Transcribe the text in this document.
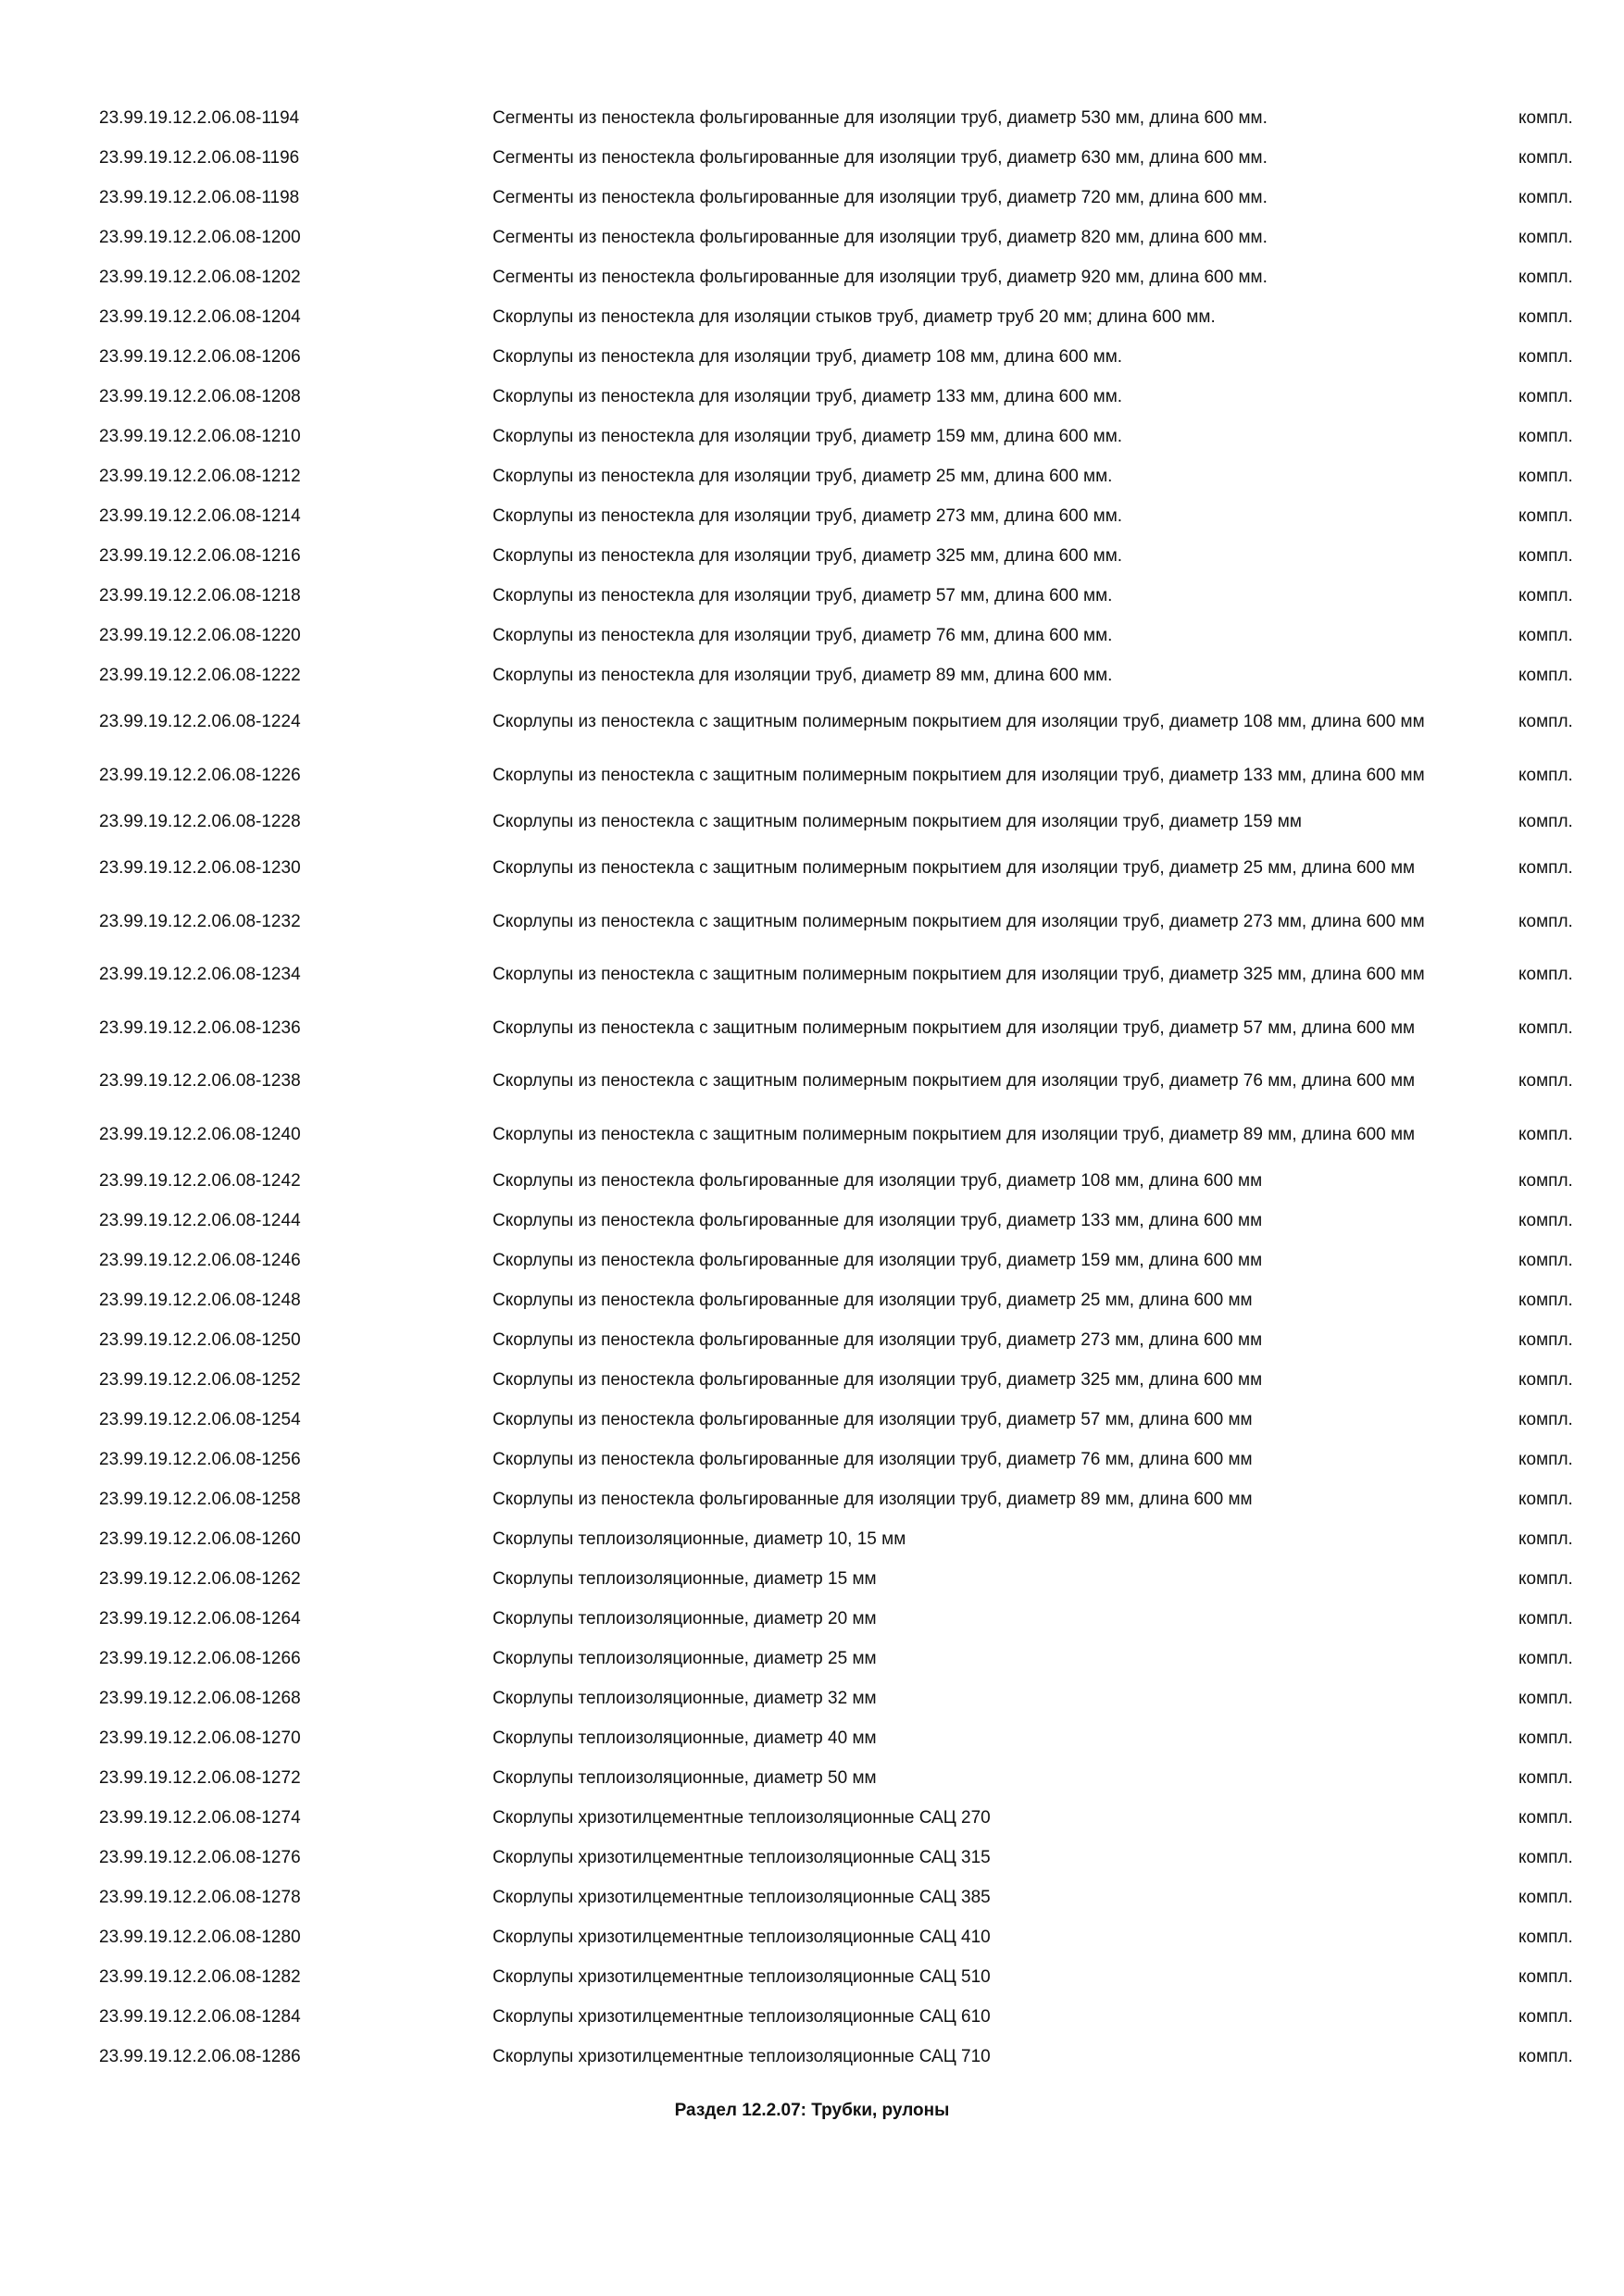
23.99.19.12.2.06.08-1194	Сегменты из пеностекла фольгированные для изоляции труб, диаметр 530 мм, длина 600 мм.	компл.
23.99.19.12.2.06.08-1196	Сегменты из пеностекла фольгированные для изоляции труб, диаметр 630 мм, длина 600 мм.	компл.
23.99.19.12.2.06.08-1198	Сегменты из пеностекла фольгированные для изоляции труб, диаметр 720 мм, длина 600 мм.	компл.
23.99.19.12.2.06.08-1200	Сегменты из пеностекла фольгированные для изоляции труб, диаметр 820 мм, длина 600 мм.	компл.
23.99.19.12.2.06.08-1202	Сегменты из пеностекла фольгированные для изоляции труб, диаметр 920 мм, длина 600 мм.	компл.
23.99.19.12.2.06.08-1204	Скорлупы из пеностекла для изоляции стыков труб, диаметр труб 20 мм; длина 600 мм.	компл.
23.99.19.12.2.06.08-1206	Скорлупы из пеностекла для изоляции труб, диаметр 108 мм, длина 600 мм.	компл.
23.99.19.12.2.06.08-1208	Скорлупы из пеностекла для изоляции труб, диаметр 133 мм, длина 600 мм.	компл.
23.99.19.12.2.06.08-1210	Скорлупы из пеностекла для изоляции труб, диаметр 159 мм, длина 600 мм.	компл.
23.99.19.12.2.06.08-1212	Скорлупы из пеностекла для изоляции труб, диаметр 25 мм, длина 600 мм.	компл.
23.99.19.12.2.06.08-1214	Скорлупы из пеностекла для изоляции труб, диаметр 273 мм, длина 600 мм.	компл.
23.99.19.12.2.06.08-1216	Скорлупы из пеностекла для изоляции труб, диаметр 325 мм, длина 600 мм.	компл.
23.99.19.12.2.06.08-1218	Скорлупы из пеностекла для изоляции труб, диаметр 57 мм, длина 600 мм.	компл.
23.99.19.12.2.06.08-1220	Скорлупы из пеностекла для изоляции труб, диаметр 76 мм, длина 600 мм.	компл.
23.99.19.12.2.06.08-1222	Скорлупы из пеностекла для изоляции труб, диаметр 89 мм, длина 600 мм.	компл.
23.99.19.12.2.06.08-1224	Скорлупы из пеностекла с защитным полимерным покрытием для изоляции труб, диаметр 108 мм, длина 600 мм	компл.
23.99.19.12.2.06.08-1226	Скорлупы из пеностекла с защитным полимерным покрытием для изоляции труб, диаметр 133 мм, длина 600 мм	компл.
23.99.19.12.2.06.08-1228	Скорлупы из пеностекла с защитным полимерным покрытием для изоляции труб, диаметр 159 мм	компл.
23.99.19.12.2.06.08-1230	Скорлупы из пеностекла с защитным полимерным покрытием для изоляции труб, диаметр 25 мм, длина 600 мм	компл.
23.99.19.12.2.06.08-1232	Скорлупы из пеностекла с защитным полимерным покрытием для изоляции труб, диаметр 273 мм, длина 600 мм	компл.
23.99.19.12.2.06.08-1234	Скорлупы из пеностекла с защитным полимерным покрытием для изоляции труб, диаметр 325 мм, длина 600 мм	компл.
23.99.19.12.2.06.08-1236	Скорлупы из пеностекла с защитным полимерным покрытием для изоляции труб, диаметр 57 мм, длина 600 мм	компл.
23.99.19.12.2.06.08-1238	Скорлупы из пеностекла с защитным полимерным покрытием для изоляции труб, диаметр 76 мм, длина 600 мм	компл.
23.99.19.12.2.06.08-1240	Скорлупы из пеностекла с защитным полимерным покрытием для изоляции труб, диаметр 89 мм, длина 600 мм	компл.
23.99.19.12.2.06.08-1242	Скорлупы из пеностекла фольгированные для изоляции труб, диаметр 108 мм, длина 600 мм	компл.
23.99.19.12.2.06.08-1244	Скорлупы из пеностекла фольгированные для изоляции труб, диаметр 133 мм, длина 600 мм	компл.
23.99.19.12.2.06.08-1246	Скорлупы из пеностекла фольгированные для изоляции труб, диаметр 159 мм, длина 600 мм	компл.
23.99.19.12.2.06.08-1248	Скорлупы из пеностекла фольгированные для изоляции труб, диаметр 25 мм, длина 600 мм	компл.
23.99.19.12.2.06.08-1250	Скорлупы из пеностекла фольгированные для изоляции труб, диаметр 273 мм, длина 600 мм	компл.
23.99.19.12.2.06.08-1252	Скорлупы из пеностекла фольгированные для изоляции труб, диаметр 325 мм, длина 600 мм	компл.
23.99.19.12.2.06.08-1254	Скорлупы из пеностекла фольгированные для изоляции труб, диаметр 57 мм, длина 600 мм	компл.
23.99.19.12.2.06.08-1256	Скорлупы из пеностекла фольгированные для изоляции труб, диаметр 76 мм, длина 600 мм	компл.
23.99.19.12.2.06.08-1258	Скорлупы из пеностекла фольгированные для изоляции труб, диаметр 89 мм, длина 600 мм	компл.
23.99.19.12.2.06.08-1260	Скорлупы теплоизоляционные, диаметр 10, 15 мм	компл.
23.99.19.12.2.06.08-1262	Скорлупы теплоизоляционные, диаметр 15 мм	компл.
23.99.19.12.2.06.08-1264	Скорлупы теплоизоляционные, диаметр 20 мм	компл.
23.99.19.12.2.06.08-1266	Скорлупы теплоизоляционные, диаметр 25 мм	компл.
23.99.19.12.2.06.08-1268	Скорлупы теплоизоляционные, диаметр 32 мм	компл.
23.99.19.12.2.06.08-1270	Скорлупы теплоизоляционные, диаметр 40 мм	компл.
23.99.19.12.2.06.08-1272	Скорлупы теплоизоляционные, диаметр 50 мм	компл.
23.99.19.12.2.06.08-1274	Скорлупы хризотилцементные теплоизоляционные САЦ 270	компл.
23.99.19.12.2.06.08-1276	Скорлупы хризотилцементные теплоизоляционные САЦ 315	компл.
23.99.19.12.2.06.08-1278	Скорлупы хризотилцементные теплоизоляционные САЦ 385	компл.
23.99.19.12.2.06.08-1280	Скорлупы хризотилцементные теплоизоляционные САЦ 410	компл.
23.99.19.12.2.06.08-1282	Скорлупы хризотилцементные теплоизоляционные САЦ 510	компл.
23.99.19.12.2.06.08-1284	Скорлупы хризотилцементные теплоизоляционные САЦ 610	компл.
23.99.19.12.2.06.08-1286	Скорлупы хризотилцементные теплоизоляционные САЦ 710	компл.
Раздел 12.2.07: Трубки, рулоны
